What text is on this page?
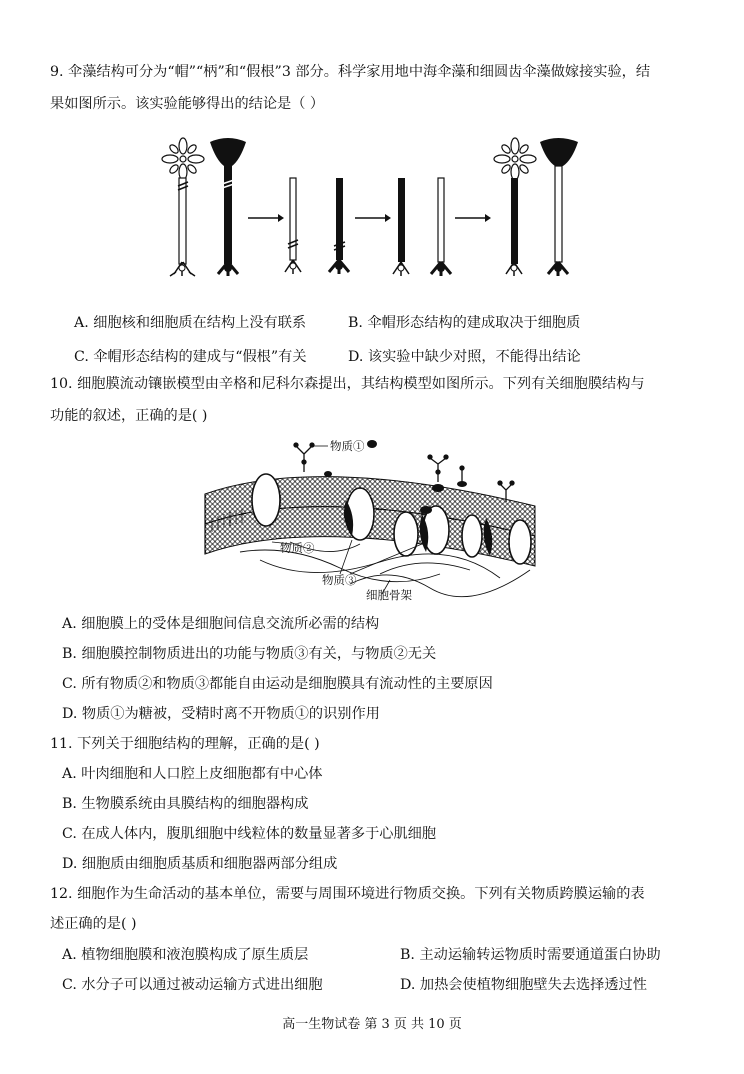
9. 伞藻结构可分为“帽”“柄”和“假根”3 部分。科学家用地中海伞藻和细圆齿伞藻做嫁接实验，结
果如图所示。该实验能够得出的结论是（ ）
A. 细胞核和细胞质在结构上没有联系	B. 伞帽形态结构的建成取决于细胞质
C. 伞帽形态结构的建成与“假根”有关	D. 该实验中缺少对照，不能得出结论
10. 细胞膜流动镶嵌模型由辛格和尼科尔森提出，其结构模型如图所示。下列有关细胞膜结构与
功能的叙述，正确的是( )
物质①
物质②
物质③
细胞骨架
A. 细胞膜上的受体是细胞间信息交流所必需的结构
B. 细胞膜控制物质进出的功能与物质③有关，与物质②无关
C. 所有物质②和物质③都能自由运动是细胞膜具有流动性的主要原因
D. 物质①为糖被，受精时离不开物质①的识别作用
11. 下列关于细胞结构的理解，正确的是( )
A. 叶肉细胞和人口腔上皮细胞都有中心体
B. 生物膜系统由具膜结构的细胞器构成
C. 在成人体内，腹肌细胞中线粒体的数量显著多于心肌细胞
D. 细胞质由细胞质基质和细胞器两部分组成
12. 细胞作为生命活动的基本单位，需要与周围环境进行物质交换。下列有关物质跨膜运输的表
述正确的是( )
A. 植物细胞膜和液泡膜构成了原生质层	B. 主动运输转运物质时需要通道蛋白协助
C. 水分子可以通过被动运输方式进出细胞	D. 加热会使植物细胞壁失去选择透过性
高一生物试卷 第 3 页 共 10 页
